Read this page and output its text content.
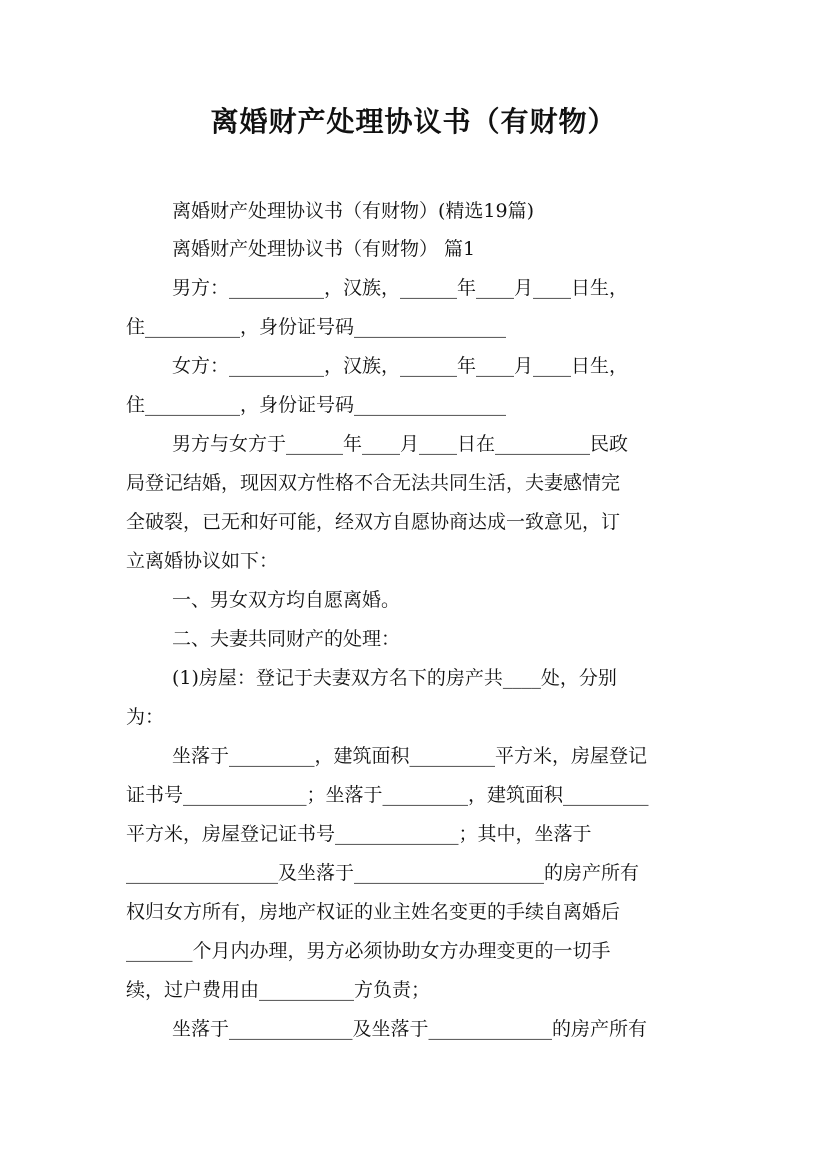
离婚财产处理协议书（有财物）
离婚财产处理协议书（有财物）(精选19篇)
离婚财产处理协议书（有财物） 篇1
男方：__________，汉族，______年____月____日生，
住__________，身份证号码________________
女方：__________，汉族，______年____月____日生，
住__________，身份证号码________________
男方与女方于______年____月____日在__________民政
局登记结婚，现因双方性格不合无法共同生活，夫妻感情完
全破裂，已无和好可能，经双方自愿协商达成一致意见，订
立离婚协议如下：
一、男女双方均自愿离婚。
二、夫妻共同财产的处理：
(1)房屋：登记于夫妻双方名下的房产共____处，分别
为：
坐落于_________，建筑面积_________平方米，房屋登记
证书号_____________；坐落于_________，建筑面积_________
平方米，房屋登记证书号_____________；其中，坐落于
________________及坐落于____________________的房产所有
权归女方所有，房地产权证的业主姓名变更的手续自离婚后
_______个月内办理，男方必须协助女方办理变更的一切手
续，过户费用由__________方负责；
坐落于_____________及坐落于_____________的房产所有
